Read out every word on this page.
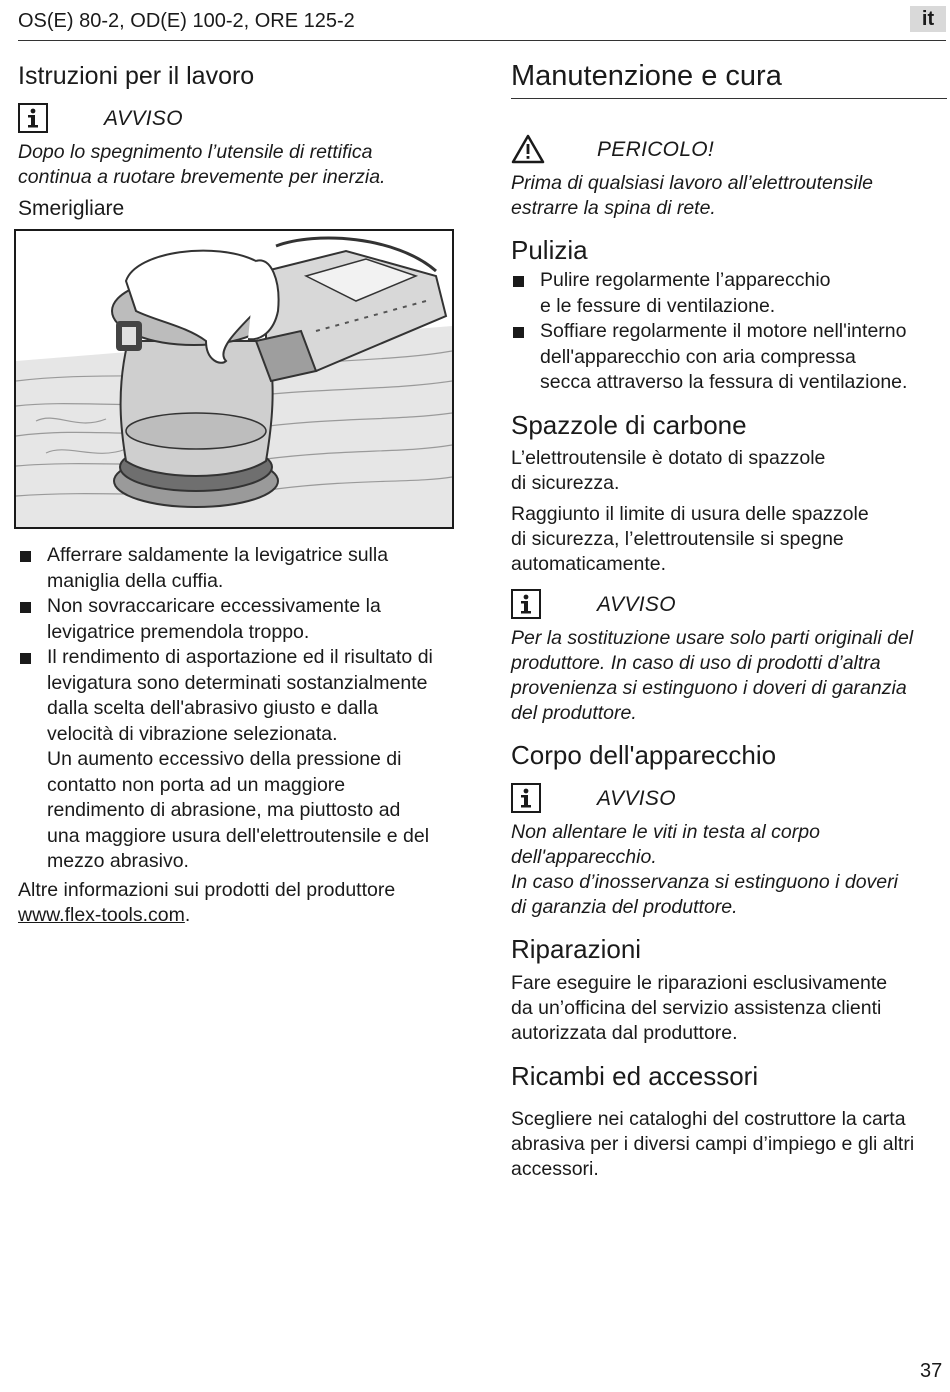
OS(E) 80-2, OD(E) 100-2, ORE 125-2	it
Istruzioni per il lavoro
AVVISO
Dopo lo spegnimento l’utensile di rettifica
continua a ruotare brevemente per inerzia.
Smerigliare
Afferrare saldamente la levigatrice sulla
maniglia della cuffia.
Non sovraccaricare eccessivamente la
levigatrice premendola troppo.
Il rendimento di asportazione ed il risultato di
levigatura sono determinati sostanzialmente
dalla scelta dell'abrasivo giusto e dalla
velocità di vibrazione selezionata.
Un aumento eccessivo della pressione di
contatto non porta ad un maggiore
rendimento di abrasione, ma piuttosto ad
una maggiore usura dell'elettroutensile e del
mezzo abrasivo.
Altre informazioni sui prodotti del produttore
www.flex-tools.com.
Manutenzione e cura
PERICOLO!
Prima di qualsiasi lavoro all’elettroutensile
estrarre la spina di rete.
Pulizia
Pulire regolarmente l’apparecchio
e le fessure di ventilazione.
Soffiare regolarmente il motore nell'interno
dell'apparecchio con aria compressa
secca attraverso la fessura di ventilazione.
Spazzole di carbone
L’elettroutensile è dotato di spazzole
di sicurezza.
Raggiunto il limite di usura delle spazzole
di sicurezza, l’elettroutensile si spegne
automaticamente.
AVVISO
Per la sostituzione usare solo parti originali del
produttore. In caso di uso di prodotti d’altra
provenienza si estinguono i doveri di garanzia
del produttore.
Corpo dell'apparecchio
AVVISO
Non allentare le viti in testa al corpo
dell'apparecchio.
In caso d’inosservanza si estinguono i doveri
di garanzia del produttore.
Riparazioni
Fare eseguire le riparazioni esclusivamente
da un’officina del servizio assistenza clienti
autorizzata dal produttore.
Ricambi ed accessori
Scegliere nei cataloghi del costruttore la carta
abrasiva per i diversi campi d’impiego e gli altri
accessori.
37
